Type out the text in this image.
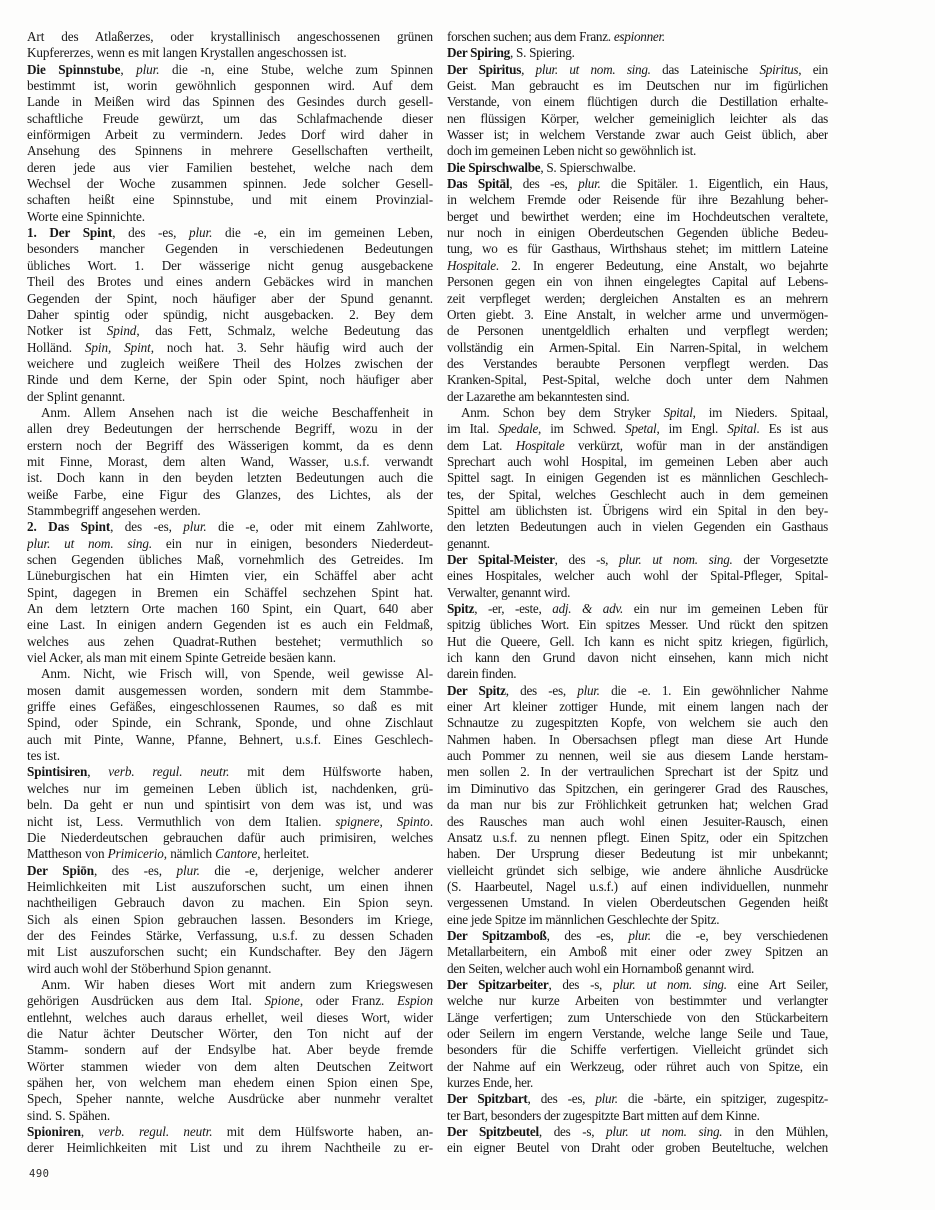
Art des Atlaßerzes, oder krystallinisch angeschossenen grünen
Kupfererzes, wenn es mit langen Krystallen angeschossen ist.
Die Spinnstube, plur. die -n, eine Stube, welche zum Spinnen
bestimmt ist, worin gewöhnlich gesponnen wird. Auf dem
Lande in Meißen wird das Spinnen des Gesindes durch gesell-
schaftliche Freude gewürzt, um das Schlafmachende dieser
einförmigen Arbeit zu vermindern. Jedes Dorf wird daher in
Ansehung des Spinnens in mehrere Gesellschaften vertheilt,
deren jede aus vier Familien bestehet, welche nach dem
Wechsel der Woche zusammen spinnen. Jede solcher Gesell-
schaften heißt eine Spinnstube, und mit einem Provinzial-
Worte eine Spinnichte.
1. Der Spint, des -es, plur. die -e, ein im gemeinen Leben,
besonders mancher Gegenden in verschiedenen Bedeutungen
übliches Wort. 1. Der wässerige nicht genug ausgebackene
Theil des Brotes und eines andern Gebäckes wird in manchen
Gegenden der Spint, noch häufiger aber der Spund genannt.
Daher spintig oder spündig, nicht ausgebacken. 2. Bey dem
Notker ist Spind, das Fett, Schmalz, welche Bedeutung das
Holländ. Spin, Spint, noch hat. 3. Sehr häufig wird auch der
weichere und zugleich weißere Theil des Holzes zwischen der
Rinde und dem Kerne, der Spin oder Spint, noch häufiger aber
der Splint genannt.
Anm. Allem Ansehen nach ist die weiche Beschaffenheit in
allen drey Bedeutungen der herrschende Begriff, wozu in der
erstern noch der Begriff des Wässerigen kommt, da es denn
mit Finne, Morast, dem alten Wand, Wasser, u.s.f. verwandt
ist. Doch kann in den beyden letzten Bedeutungen auch die
weiße Farbe, eine Figur des Glanzes, des Lichtes, als der
Stammbegriff angesehen werden.
2. Das Spint, des -es, plur. die -e, oder mit einem Zahlworte,
plur. ut nom. sing. ein nur in einigen, besonders Niederdeut-
schen Gegenden übliches Maß, vornehmlich des Getreides. Im
Lüneburgischen hat ein Himten vier, ein Schäffel aber acht
Spint, dagegen in Bremen ein Schäffel sechzehen Spint hat.
An dem letztern Orte machen 160 Spint, ein Quart, 640 aber
eine Last. In einigen andern Gegenden ist es auch ein Feldmaß,
welches aus zehen Quadrat-Ruthen bestehet; vermuthlich so
viel Acker, als man mit einem Spinte Getreide besäen kann.
Anm. Nicht, wie Frisch will, von Spende, weil gewisse Al-
mosen damit ausgemessen worden, sondern mit dem Stammbe-
griffe eines Gefäßes, eingeschlossenen Raumes, so daß es mit
Spind, oder Spinde, ein Schrank, Sponde, und ohne Zischlaut
auch mit Pinte, Wanne, Pfanne, Behnert, u.s.f. Eines Geschlech-
tes ist.
Spintisiren, verb. regul. neutr. mit dem Hülfsworte haben,
welches nur im gemeinen Leben üblich ist, nachdenken, grü-
beln. Da geht er nun und spintisirt von dem was ist, und was
nicht ist, Less. Vermuthlich von dem Italien. spignere, Spinto.
Die Niederdeutschen gebrauchen dafür auch primisiren, welches
Mattheson von Primicerio, nämlich Cantore, herleitet.
Der Spiōn, des -es, plur. die -e, derjenige, welcher anderer
Heimlichkeiten mit List auszuforschen sucht, um einen ihnen
nachtheiligen Gebrauch davon zu machen. Ein Spion seyn.
Sich als einen Spion gebrauchen lassen. Besonders im Kriege,
der des Feindes Stärke, Verfassung, u.s.f. zu dessen Schaden
mit List auszuforschen sucht; ein Kundschafter. Bey den Jägern
wird auch wohl der Stöberhund Spion genannt.
Anm. Wir haben dieses Wort mit andern zum Kriegswesen
gehörigen Ausdrücken aus dem Ital. Spione, oder Franz. Espion
entlehnt, welches auch daraus erhellet, weil dieses Wort, wider
die Natur ächter Deutscher Wörter, den Ton nicht auf der
Stamm- sondern auf der Endsylbe hat. Aber beyde fremde
Wörter stammen wieder von dem alten Deutschen Zeitwort
spähen her, von welchem man ehedem einen Spion einen Spe,
Spech, Speher nannte, welche Ausdrücke aber nunmehr veraltet
sind. S. Spähen.
Spioniren, verb. regul. neutr. mit dem Hülfsworte haben, an-
derer Heimlichkeiten mit List und zu ihrem Nachtheile zu er-
forschen suchen; aus dem Franz. espionner.
Der Spiring, S. Spiering.
Der Spiritus, plur. ut nom. sing. das Lateinische Spiritus, ein
Geist. Man gebraucht es im Deutschen nur im figürlichen
Verstande, von einem flüchtigen durch die Destillation erhalte-
nen flüssigen Körper, welcher gemeiniglich leichter als das
Wasser ist; in welchem Verstande zwar auch Geist üblich, aber
doch im gemeinen Leben nicht so gewöhnlich ist.
Die Spirschwalbe, S. Spierschwalbe.
Das Spitāl, des -es, plur. die Spitäler. 1. Eigentlich, ein Haus,
in welchem Fremde oder Reisende für ihre Bezahlung beher-
berget und bewirthet werden; eine im Hochdeutschen veraltete,
nur noch in einigen Oberdeutschen Gegenden übliche Bedeu-
tung, wo es für Gasthaus, Wirthshaus stehet; im mittlern Lateine
Hospitale. 2. In engerer Bedeutung, eine Anstalt, wo bejahrte
Personen gegen ein von ihnen eingelegtes Capital auf Lebens-
zeit verpfleget werden; dergleichen Anstalten es an mehrern
Orten giebt. 3. Eine Anstalt, in welcher arme und unvermögen-
de Personen unentgeldlich erhalten und verpflegt werden;
vollständig ein Armen-Spital. Ein Narren-Spital, in welchem
des Verstandes beraubte Personen verpflegt werden. Das
Kranken-Spital, Pest-Spital, welche doch unter dem Nahmen
der Lazarethe am bekanntesten sind.
Anm. Schon bey dem Stryker Spital, im Nieders. Spitaal,
im Ital. Spedale, im Schwed. Spetal, im Engl. Spital. Es ist aus
dem Lat. Hospitale verkürzt, wofür man in der anständigen
Sprechart auch wohl Hospital, im gemeinen Leben aber auch
Spittel sagt. In einigen Gegenden ist es männlichen Geschlech-
tes, der Spital, welches Geschlecht auch in dem gemeinen
Spittel am üblichsten ist. Übrigens wird ein Spital in den bey-
den letzten Bedeutungen auch in vielen Gegenden ein Gasthaus
genannt.
Der Spital-Meister, des -s, plur. ut nom. sing. der Vorgesetzte
eines Hospitales, welcher auch wohl der Spital-Pfleger, Spital-
Verwalter, genannt wird.
Spitz, -er, -este, adj. & adv. ein nur im gemeinen Leben für
spitzig übliches Wort. Ein spitzes Messer. Und rückt den spitzen
Hut die Queere, Gell. Ich kann es nicht spitz kriegen, figürlich,
ich kann den Grund davon nicht einsehen, kann mich nicht
darein finden.
Der Spitz, des -es, plur. die -e. 1. Ein gewöhnlicher Nahme
einer Art kleiner zottiger Hunde, mit einem langen nach der
Schnautze zu zugespitzten Kopfe, von welchem sie auch den
Nahmen haben. In Obersachsen pflegt man diese Art Hunde
auch Pommer zu nennen, weil sie aus diesem Lande herstam-
men sollen 2. In der vertraulichen Sprechart ist der Spitz und
im Diminutivo das Spitzchen, ein geringerer Grad des Rausches,
da man nur bis zur Fröhlichkeit getrunken hat; welchen Grad
des Rausches man auch wohl einen Jesuiter-Rausch, einen
Ansatz u.s.f. zu nennen pflegt. Einen Spitz, oder ein Spitzchen
haben. Der Ursprung dieser Bedeutung ist mir unbekannt;
vielleicht gründet sich selbige, wie andere ähnliche Ausdrücke
(S. Haarbeutel, Nagel u.s.f.) auf einen individuellen, nunmehr
vergessenen Umstand. In vielen Oberdeutschen Gegenden heißt
eine jede Spitze im männlichen Geschlechte der Spitz.
Der Spitzamboß, des -es, plur. die -e, bey verschiedenen
Metallarbeitern, ein Amboß mit einer oder zwey Spitzen an
den Seiten, welcher auch wohl ein Hornamboß genannt wird.
Der Spitzarbeiter, des -s, plur. ut nom. sing. eine Art Seiler,
welche nur kurze Arbeiten von bestimmter und verlangter
Länge verfertigen; zum Unterschiede von den Stückarbeitern
oder Seilern im engern Verstande, welche lange Seile und Taue,
besonders für die Schiffe verfertigen. Vielleicht gründet sich
der Nahme auf ein Werkzeug, oder rühret auch von Spitze, ein
kurzes Ende, her.
Der Spitzbart, des -es, plur. die -bärte, ein spitziger, zugespitz-
ter Bart, besonders der zugespitzte Bart mitten auf dem Kinne.
Der Spitzbeutel, des -s, plur. ut nom. sing. in den Mühlen,
ein eigner Beutel von Draht oder groben Beuteltuche, welchen
490
